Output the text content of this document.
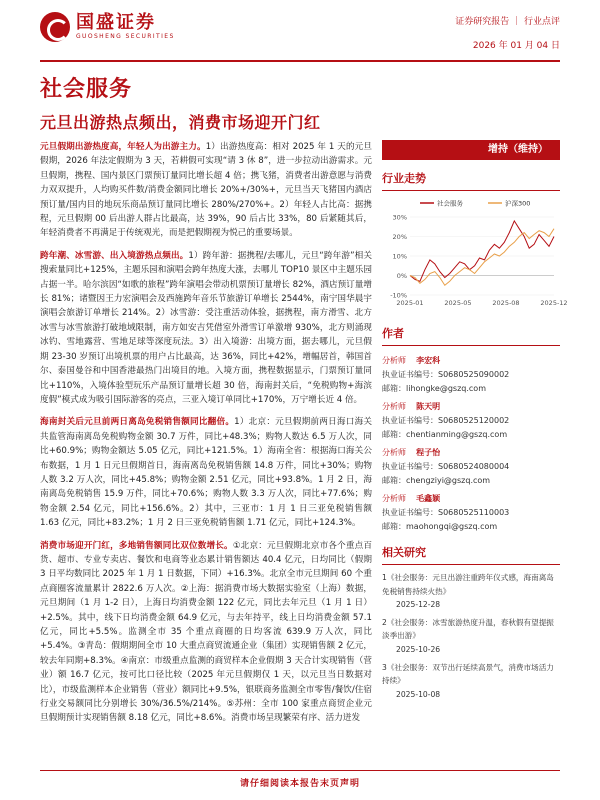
国盛证券
GUOSHENG SECURITIES
证券研究报告 ｜ 行业点评
2026 年 01 月 04 日
社会服务
元旦出游热点频出，消费市场迎开门红

元旦假期出游热度高，年轻人为出游主力。1）出游热度高：相对 2025 年 1 天的元旦假期，2026 年法定假期为 3 天，若耕假可实现“请 3 休 8”，进一步拉动出游需求。元旦假期，携程、国内景区门票预订量同比增长超 4 倍；携飞猪，消费者出游意愿与消费力双双提升，人均购买件数/消费金额同比增长 20%+/30%+，元旦当天飞猪国内酒店预订量/国内目的地玩乐商品预订量同比增长 280%/270%+。2）年轻人占比高：据携程，元旦假期 00 后出游人群占比最高，达 39%，90 后占比 33%，80 后紧随其后，年轻消费者不再满足于传统观光，而是把假期视为悦己的重要场景。

跨年潮、冰雪游、出入境游热点频出。1）跨年游：据携程/去哪儿，元旦“跨年游”相关搜索量同比+125%，主题乐园和演唱会跨年热度大涨，去哪儿 TOP10 景区中主题乐园占据一半。哈尔滨因“如歌的旅程”跨年演唱会带动机票预订量增长 82%，酒店预订量增长 81%；诸暨因王力宏演唱会及西施跨年音乐节旅游订单增长 2544%，南宁国华晨宇演唱会旅游订单增长 214%。2）冰雪游：受注重活动体验，据携程，南方滑雪、北方冰雪与冰雪旅游打破地域限制，南方如安吉凭借室外滑雪订单激增 930%，北方则涌现冰钓、雪地露营、雪地足球等深度玩法。3）出入境游：出境方面，据去哪儿，元旦假期 23-30 岁预订出境机票的用户占比最高，达 36%，同比+42%，增幅居首，韩国首尔、泰国曼谷和中国香港最热门出境目的地。入境方面，携程数据显示，门票预订量同比+110%，入境体验型玩乐产品预订量增长超 30 倍，海南封关后，“免税购物+海滨度假”模式成为吸引国际游客的亮点，三亚入境订单同比+170%，万宁增长近 4 倍。

海南封关后元旦前两日离岛免税销售额同比翻倍。1）北京：元旦假期前两日海口海关共监管海南离岛免税购物金额 30.7 万件，同比+48.3%；购物人数达 6.5 万人次，同比+60.9%；购物金额达 5.05 亿元，同比+121.5%。1）海南全省：根据海口海关公布数据，1 月 1 日元旦假期首日，海南离岛免税销售额 14.8 万件，同比+30%；购物人数 3.2 万人次，同比+45.8%；购物金额 2.51 亿元，同比+93.8%。1 月 2 日，海南离岛免税销售 15.9 万件，同比+70.6%；购物人数 3.3 万人次，同比+77.6%；购物金额 2.54 亿元，同比+156.6%。2）其中，三亚市：1 月 1 日三亚免税销售额 1.63 亿元，同比+83.2%；1 月 2 日三亚免税销售额 1.71 亿元，同比+124.3%。

消费市场迎开门红，多地销售额同比双位数增长。①北京：元旦假期北京市各个重点百货、超市、专业专卖店、餐饮和电商等业态累计销售额达 40.4 亿元，日均同比（假期 3 日平均数同比 2025 年 1 月 1 日数据，下同）+16.3%。北京全市元旦期间 60 个重点商圈客流量累计 2822.6 万人次。②上海：据消费市场大数据实验室（上海）数据，元旦期间（1 月 1-2 日），上海日均消费金额 122 亿元，同比去年元旦（1 月 1 日）+2.5%。其中，线下日均消费金额 64.9 亿元，与去年持平，线上日均消费金额 57.1 亿元，同比+5.5%。监测全市 35 个重点商圈的日均客流 639.9 万人次，同比+5.4%。③青岛：假期期间全市 10 大重点商贸流通企业（集团）实现销售额 2 亿元，较去年同期+8.3%。④南京：市级重点监测的商贸样本企业假期 3 天合计实现销售（营业）额 16.7 亿元，按可比口径比较（2025 年元旦假期仅 1 天，以元旦当日数据对比），市级监测样本企业销售（营业）额同比+9.5%，银联商务监测全市零售/餐饮/住宿行业交易额同比分别增长 30%/36.5%/214%。⑤苏州：全市 100 家重点商贸企业元旦假期预计实现销售额 8.18 亿元，同比+8.6%。消费市场呈现繁荣有序、活力迸发

增持（维持）
行业走势
-10%
0%
10%
20%
30%
2025-01	2025-05	2025-08	2025-12
社会服务	沪深300
作者
分析师 李宏科
执业证书编号：S0680525090002
邮箱：lihongke@gszq.com
分析师 陈天明
执业证书编号：S0680525120002
邮箱：chentianming@gszq.com
分析师 程子怡
执业证书编号：S0680524080004
邮箱：chengziyi@gszq.com
分析师 毛鑫颖
执业证书编号：S0680525110003
邮箱：maohongqi@gszq.com
相关研究
1《社会服务：元旦出游注重跨年仪式感，海南离岛免税销售持续火热》
2025-12-28
2《社会服务：冰雪旅游热度升温，春秋假有望提振淡季出游》
2025-10-26
3《社会服务：双节出行延续高景气，消费市场活力持续》
2025-10-08
请仔细阅读本报告末页声明
